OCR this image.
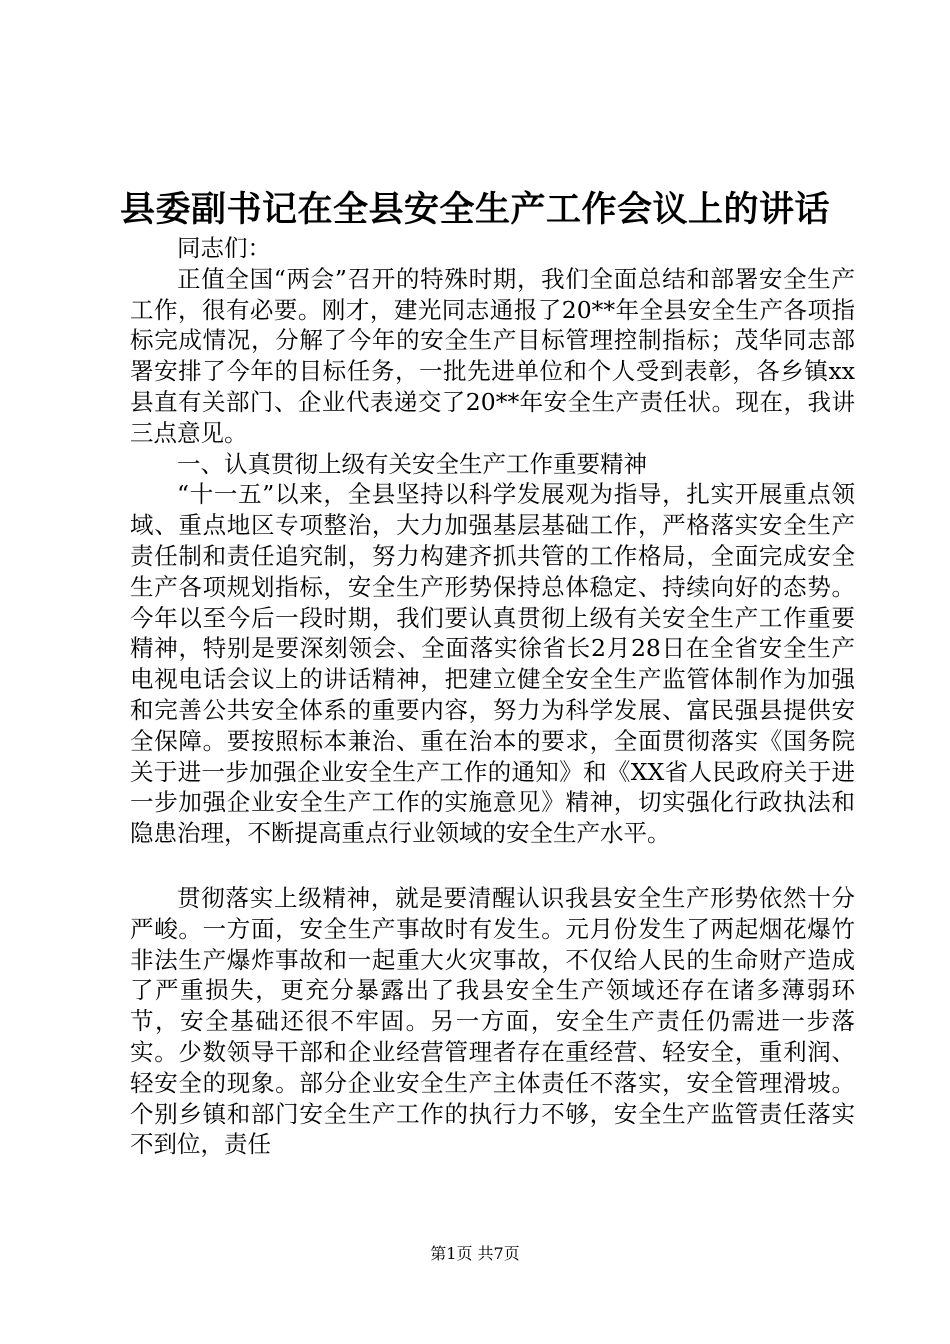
县委副书记在全县安全生产工作会议上的讲话

同志们：

正值全国“两会”召开的特殊时期，我们全面总结和部署安全生产工作，很有必要。刚才，建光同志通报了20**年全县安全生产各项指标完成情况，分解了今年的安全生产目标管理控制指标；茂华同志部署安排了今年的目标任务，一批先进单位和个人受到表彰，各乡镇xx县直有关部门、企业代表递交了20**年安全生产责任状。现在，我讲三点意见。

一、认真贯彻上级有关安全生产工作重要精神

“十一五”以来，全县坚持以科学发展观为指导，扎实开展重点领域、重点地区专项整治，大力加强基层基础工作，严格落实安全生产责任制和责任追究制，努力构建齐抓共管的工作格局，全面完成安全生产各项规划指标，安全生产形势保持总体稳定、持续向好的态势。今年以至今后一段时期，我们要认真贯彻上级有关安全生产工作重要精神，特别是要深刻领会、全面落实徐省长2月28日在全省安全生产电视电话会议上的讲话精神，把建立健全安全生产监管体制作为加强和完善公共安全体系的重要内容，努力为科学发展、富民强县提供安全保障。要按照标本兼治、重在治本的要求，全面贯彻落实《国务院关于进一步加强企业安全生产工作的通知》和《XX省人民政府关于进一步加强企业安全生产工作的实施意见》精神，切实强化行政执法和隐患治理，不断提高重点行业领域的安全生产水平。

贯彻落实上级精神，就是要清醒认识我县安全生产形势依然十分严峻。一方面，安全生产事故时有发生。元月份发生了两起烟花爆竹非法生产爆炸事故和一起重大火灾事故，不仅给人民的生命财产造成了严重损失，更充分暴露出了我县安全生产领域还存在诸多薄弱环节，安全基础还很不牢固。另一方面，安全生产责任仍需进一步落实。少数领导干部和企业经营管理者存在重经营、轻安全，重利润、轻安全的现象。部分企业安全生产主体责任不落实，安全管理滑坡。个别乡镇和部门安全生产工作的执行力不够，安全生产监管责任落实不到位，责任

第1页 共7页
